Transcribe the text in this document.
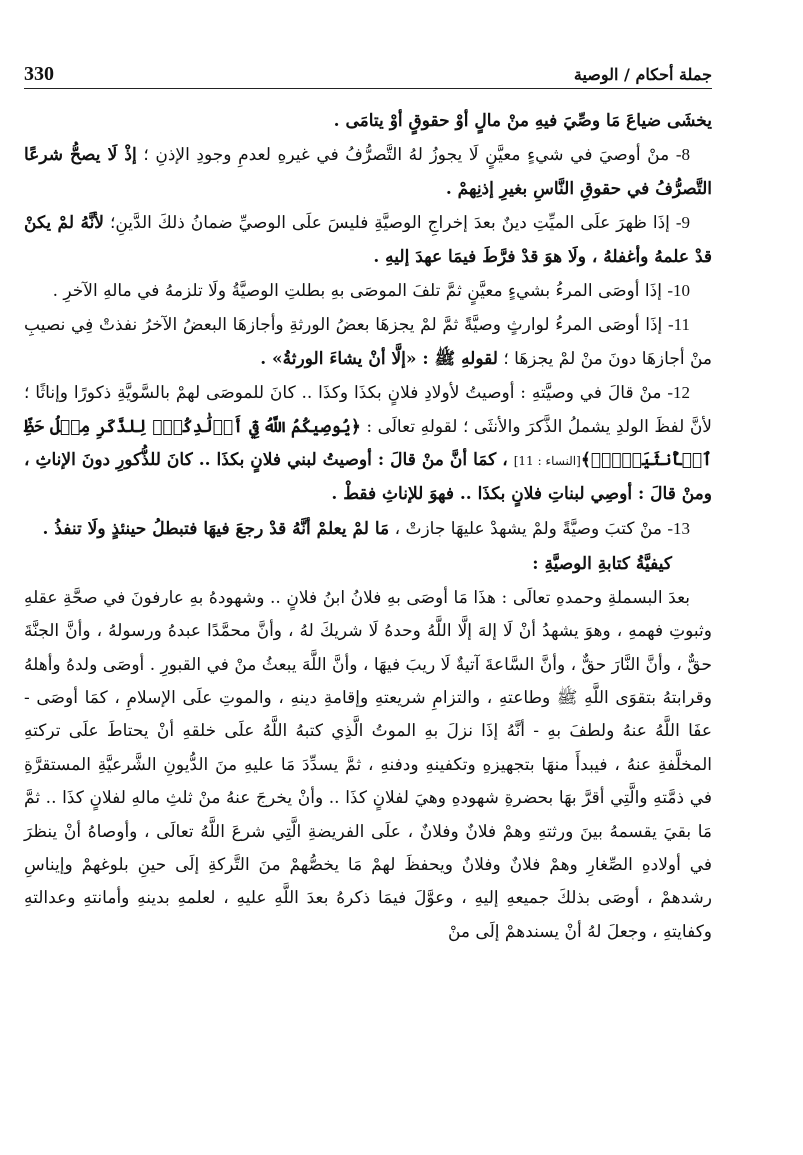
330	جملة أحكام / الوصية

يخشَى ضياعَ مَا وصِّيَ فيهِ منْ مالٍ أوْ حقوقٍ أوْ يتامَى .

8- منْ أوصيَ في شيءٍ معيَّنٍ لَا يجوزُ لهُ التَّصرُّفُ في غيرهِ لعدمِ وجودِ الإذنِ ؛ إذْ لَا يصحُّ شرعًا التَّصرُّفُ في حقوقِ النَّاسِ بغيرِ إذنِهمْ .

9- إذَا ظهرَ علَى الميِّتِ دينٌ بعدَ إخراجِ الوصيَّةِ فليسَ علَى الوصيِّ ضمانُ ذلكَ الدَّينِ؛ لأنَّهُ لمْ يكنْ قدْ علمهُ وأغفلهُ ، ولَا هوَ قدْ فرَّطَ فيمَا عهدَ إليهِ .

10- إذَا أوصَى المرءُ بشيءٍ معيَّنٍ ثمَّ تلفَ الموصَى بهِ بطلتِ الوصيَّةُ ولَا تلزمهُ في مالهِ الآخرِ .

11- إذَا أوصَى المرءُ لوارثٍ وصيَّةً ثمَّ لمْ يجزهَا بعضُ الورثةِ وأجازهَا البعضُ الآخرُ نفذتْ فِي نصيبِ منْ أجازهَا دونَ منْ لمْ يجزهَا ؛ لقولهِ ﷺ : «إلَّا أنْ يشاءَ الورثةُ» .

12- منْ قالَ في وصيَّتهِ : أوصيتُ لأولادِ فلانٍ بكذَا وكذَا .. كانَ للموصَى لهمْ بالسَّويَّةِ ذكورًا وإناثًا ؛ لأنَّ لفظَ الولدِ يشملُ الذَّكرَ والأنثَى ؛ لقولهِ تعالَى : ﴿يُوصِيكُمُ اللَّهُ فِيٓ أَوۡلَٰدِكُمۡۖ لِلذَّكَرِ مِثۡلُ حَظِّ ٱلۡأُنثَيَيۡنِۚ﴾[النساء : 11] ، كمَا أنَّ منْ قالَ : أوصيتُ لبني فلانٍ بكذَا .. كانَ للذُّكورِ دونَ الإناثِ ، ومنْ قالَ : أوصِي لبناتِ فلانٍ بكذَا .. فهوَ للإناثِ فقطْ .

13- منْ كتبَ وصيَّةً ولمْ يشهدْ عليهَا جازتْ ، مَا لمْ يعلمْ أنَّهُ قدْ رجعَ فيهَا فتبطلُ حينئذٍ ولَا تنفذُ .

كيفيَّةُ كتابةِ الوصيَّةِ :

بعدَ البسملةِ وحمدهِ تعالَى : هذَا مَا أوصَى بهِ فلانُ ابنُ فلانٍ .. وشهودهُ بهِ عارفونَ في صحَّةِ عقلهِ وثبوتِ فهمهِ ، وهوَ يشهدُ أنْ لَا إلهَ إلَّا اللَّهُ وحدهُ لَا شريكَ لهُ ، وأنَّ محمَّدًا عبدهُ ورسولهُ ، وأنَّ الجنَّةَ حقٌّ ، وأنَّ النَّارَ حقٌّ ، وأنَّ السَّاعةَ آتيةٌ لَا ريبَ فيهَا ، وأنَّ اللَّهَ يبعثُ منْ في القبورِ . أوصَى ولدهُ وأهلهُ وقرابتهُ بتقوَى اللَّهِ ﷺ وطاعتهِ ، والتزامِ شريعتهِ وإقامةِ دينهِ ، والموتِ علَى الإسلامِ ، كمَا أوصَى - عفَا اللَّهُ عنهُ ولطفَ بهِ - أنَّهُ إذَا نزلَ بهِ الموتُ الَّذِي كتبهُ اللَّهُ علَى خلقهِ أنْ يحتاطَ علَى تركتهِ المخلَّفةِ عنهُ ، فيبدأَ منهَا بتجهيزهِ وتكفينهِ ودفنهِ ، ثمَّ يسدِّدَ مَا عليهِ منَ الدُّيونِ الشَّرعيَّةِ المستقرَّةِ في ذمَّتهِ والَّتِي أقرَّ بهَا بحضرةِ شهودهِ وهيَ لفلانٍ كذَا .. وأنْ يخرجَ عنهُ منْ ثلثِ مالهِ لفلانٍ كذَا .. ثمَّ مَا بقيَ يقسمهُ بينَ ورثتهِ وهمْ فلانٌ وفلانٌ ، علَى الفريضةِ الَّتِي شرعَ اللَّهُ تعالَى ، وأوصاهُ أنْ ينظرَ في أولادهِ الصِّغارِ وهمْ فلانٌ وفلانٌ ويحفظَ لهمْ مَا يخصُّهمْ منَ التَّركةِ إلَى حينِ بلوغهمْ وإيناسِ رشدهمْ ، أوصَى بذلكَ جميعهِ إليهِ ، وعوَّلَ فيمَا ذكرهُ بعدَ اللَّهِ عليهِ ، لعلمهِ بدينهِ وأمانتهِ وعدالتهِ وكفايتهِ ، وجعلَ لهُ أنْ يسندهمْ إلَى منْ
